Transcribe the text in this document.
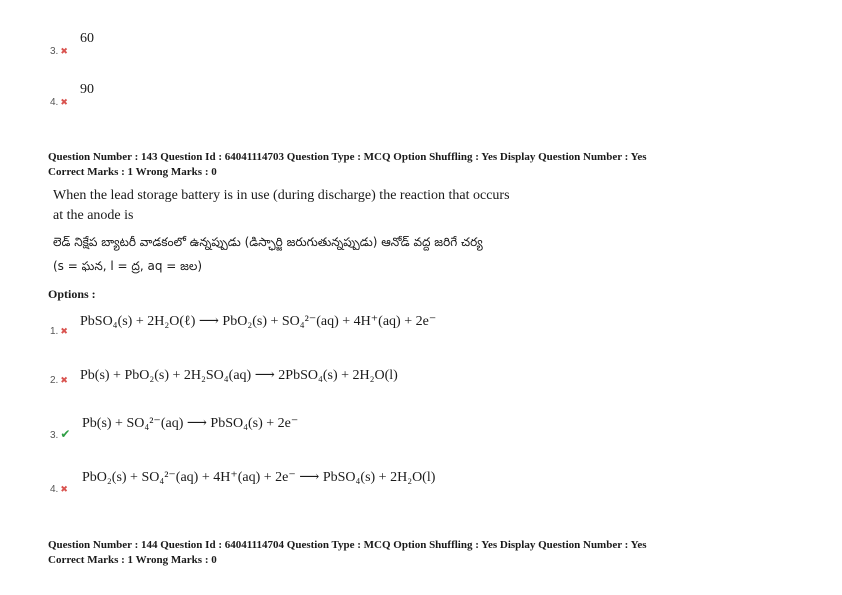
60
3. ✖
90
4. ✖
Question Number : 143 Question Id : 64041114703 Question Type : MCQ Option Shuffling : Yes Display Question Number : Yes
Correct Marks : 1 Wrong Marks : 0
When the lead storage battery is in use (during discharge) the reaction that occurs
at the anode is
లెడ్ నిక్షేప బ్యాటరీ వాడకంలో ఉన్నప్పుడు (డిస్ఛార్జి జరుగుతున్నప్పుడు) ఆనోడ్ వద్ద జరిగే చర్య
(s = ఘన, l = ద్ర, aq = జల)
Options :
PbSO₄(s) + 2H₂O(ℓ) ⟶ PbO₂(s) + SO₄²⁻(aq) + 4H⁺(aq) + 2e⁻
1. ✖
Pb(s) + PbO₂(s) + 2H₂SO₄(aq) ⟶ 2PbSO₄(s) + 2H₂O(l)
2. ✖
Pb(s) + SO₄²⁻(aq) ⟶ PbSO₄(s) + 2e⁻
3. ✔
PbO₂(s) + SO₄²⁻(aq) + 4H⁺(aq) + 2e⁻ ⟶ PbSO₄(s) + 2H₂O(l)
4. ✖
Question Number : 144 Question Id : 64041114704 Question Type : MCQ Option Shuffling : Yes Display Question Number : Yes
Correct Marks : 1 Wrong Marks : 0
